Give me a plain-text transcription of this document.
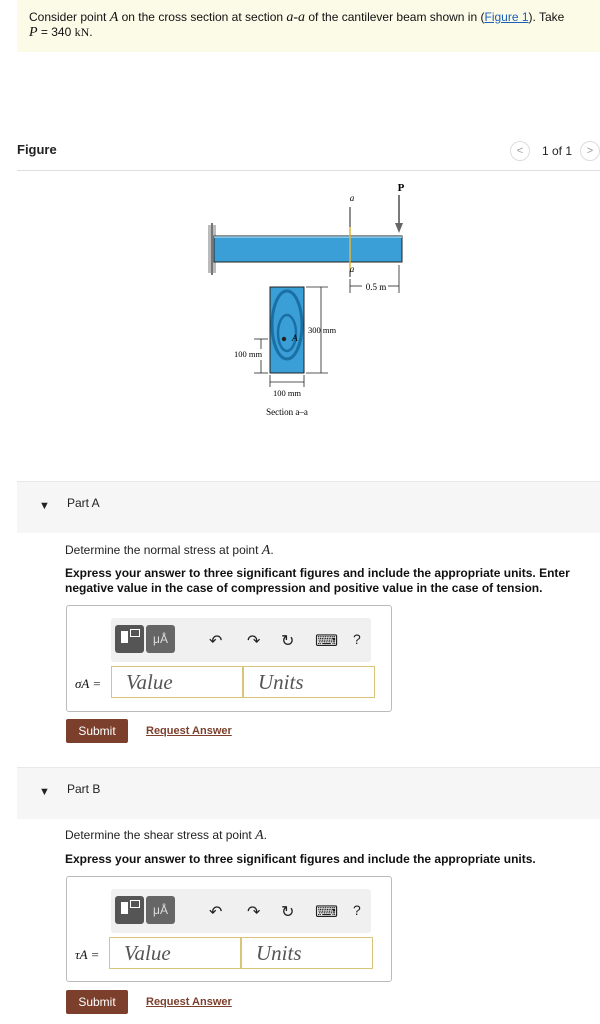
Consider point A on the cross section at section a-a of the cantilever beam shown in (Figure 1). Take
P = 340 kN.
Figure	<	1 of 1	>
P
a
a
0.5 m
A
300 mm
100 mm
100 mm
Section a–a
▼ Part A
Determine the normal stress at point A.
Express your answer to three significant figures and include the appropriate units. Enter negative value in the case of compression and positive value in the case of tension.
μÅ	↶ ↷ ↻ ⌨ ?
σA =	Value	Units
Submit	Request Answer
▼ Part B
Determine the shear stress at point A.
Express your answer to three significant figures and include the appropriate units.
μÅ	↶ ↷ ↻ ⌨ ?
τA =	Value	Units
Submit	Request Answer
